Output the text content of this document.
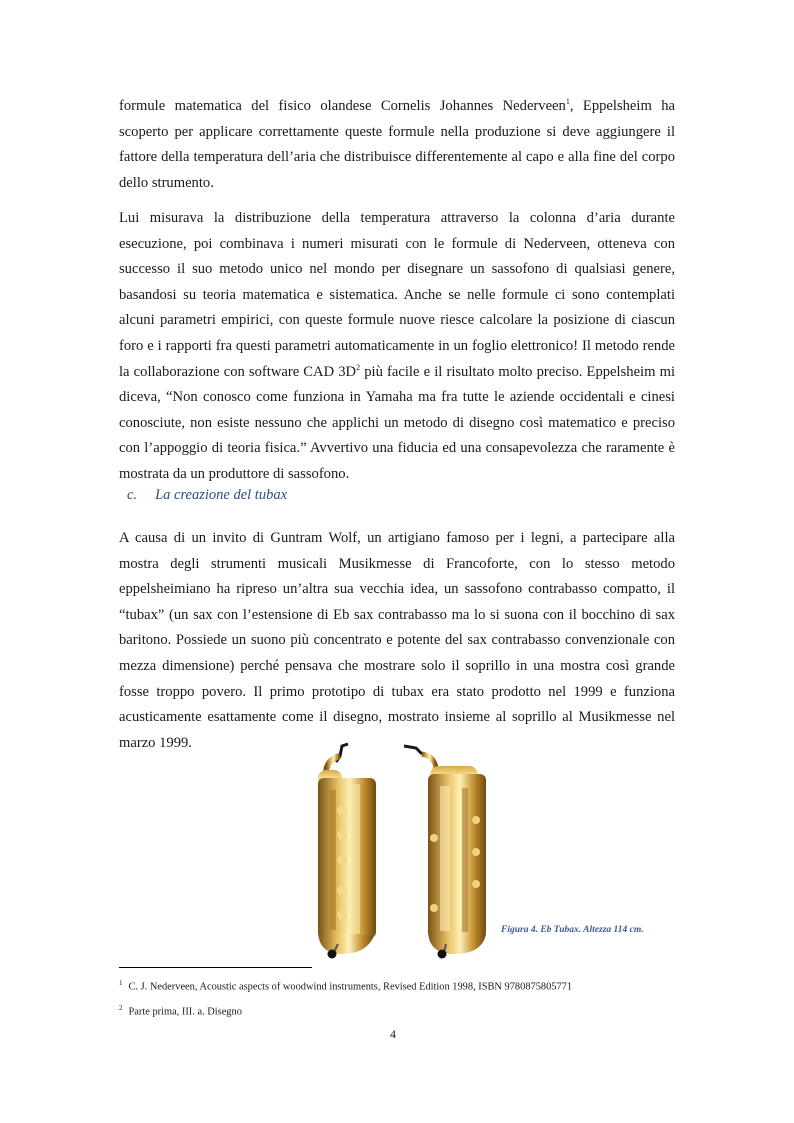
formule matematica del fisico olandese Cornelis Johannes Nederveen$^1$, Eppelsheim ha scoperto per applicare correttamente queste formule nella produzione si deve aggiungere il fattore della temperatura dell’aria che distribuisce differentemente al capo e alla fine del corpo dello strumento.

Lui misurava la distribuzione della temperatura attraverso la colonna d’aria durante esecuzione, poi combinava i numeri misurati con le formule di Nederveen, otteneva con successo il suo metodo unico nel mondo per disegnare un sassofono di qualsiasi genere, basandosi su teoria matematica e sistematica. Anche se nelle formule ci sono contemplati alcuni parametri empirici, con queste formule nuove riesce calcolare la posizione di ciascun foro e i rapporti fra questi parametri automaticamente in un foglio elettronico! Il metodo rende la collaborazione con software CAD $3D^2$ più facile e il risultato molto preciso. Eppelsheim mi diceva, “Non conosco come funziona in Yamaha ma fra tutte le aziende occidentali e cinesi conosciute, non esiste nessuno che applichi un metodo di disegno così matematico e preciso con l’appoggio di teoria fisica.” Avvertivo una fiducia ed una consapevolezza che raramente è mostrata da un produttore di sassofono.

c. La creazione del tubax

A causa di un invito di Guntram Wolf, un artigiano famoso per i legni, a partecipare alla mostra degli strumenti musicali Musikmesse di Francoforte, con lo stesso metodo eppelsheimiano ha ripreso un’altra sua vecchia idea, un sassofono contrabasso compatto, il “tubax” (un sax con l’estensione di Eb sax contrabasso ma lo si suona con il bocchino di sax baritono. Possiede un suono più concentrato e potente del sax contrabasso convenzionale con mezza dimensione) perché pensava che mostrare solo il soprillo in una mostra così grande fosse troppo povero. Il primo prototipo di tubax era stato prodotto nel 1999 e funziona acusticamente esattamente come il disegno, mostrato insieme al soprillo al Musikmesse nel marzo 1999.

Figura 4. Eb Tubax. Altezza 114 cm.
$^1$ C. J. Nederveen, Acoustic aspects of woodwind instruments, Revised Edition 1998, ISBN 9780875805771
$^2$ Parte prima, III. a. Disegno
4
